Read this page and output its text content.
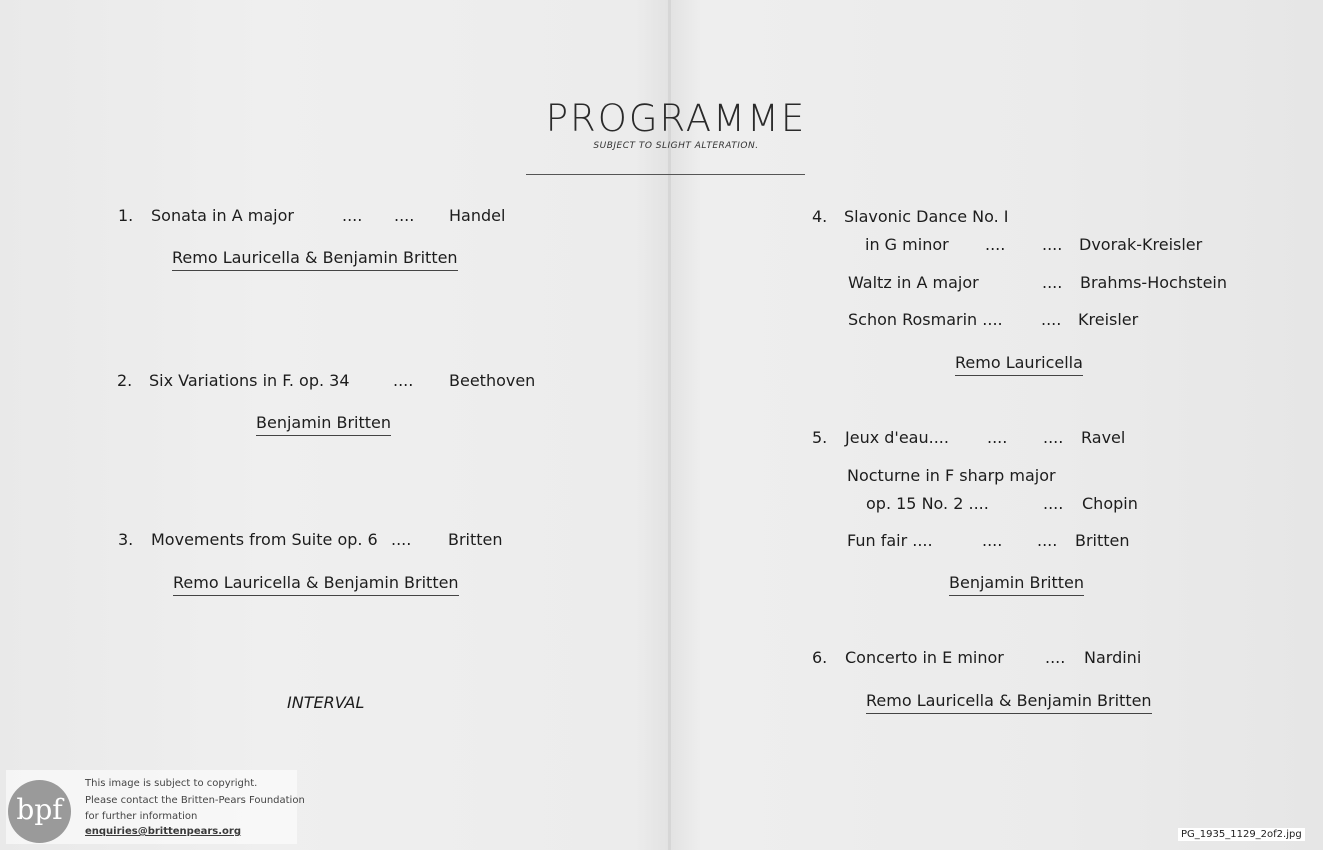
PROGRAMME
SUBJECT TO SLIGHT ALTERATION.
1. Sonata in A major	.... .... Handel
Remo Lauricella & Benjamin Britten
2. Six Variations in F. op. 34	.... Beethoven
Benjamin Britten
3. Movements from Suite op. 6 .... Britten
Remo Lauricella & Benjamin Britten
INTERVAL
4. Slavonic Dance No. I
in G minor .... .... Dvorak-Kreisler
Waltz in A major	.... Brahms-Hochstein
Schon Rosmarin .... .... Kreisler
Remo Lauricella
5. Jeux d'eau.... .... .... Ravel
Nocturne in F sharp major
op. 15 No. 2 ....	.... Chopin
Fun fair ....	.... .... Britten
Benjamin Britten
6. Concerto in E minor	.... Nardini
Remo Lauricella & Benjamin Britten
bpf
This image is subject to copyright.
Please contact the Britten-Pears Foundation
for further information
enquiries@brittenpears.org	PG_1935_1129_2of2.jpg
